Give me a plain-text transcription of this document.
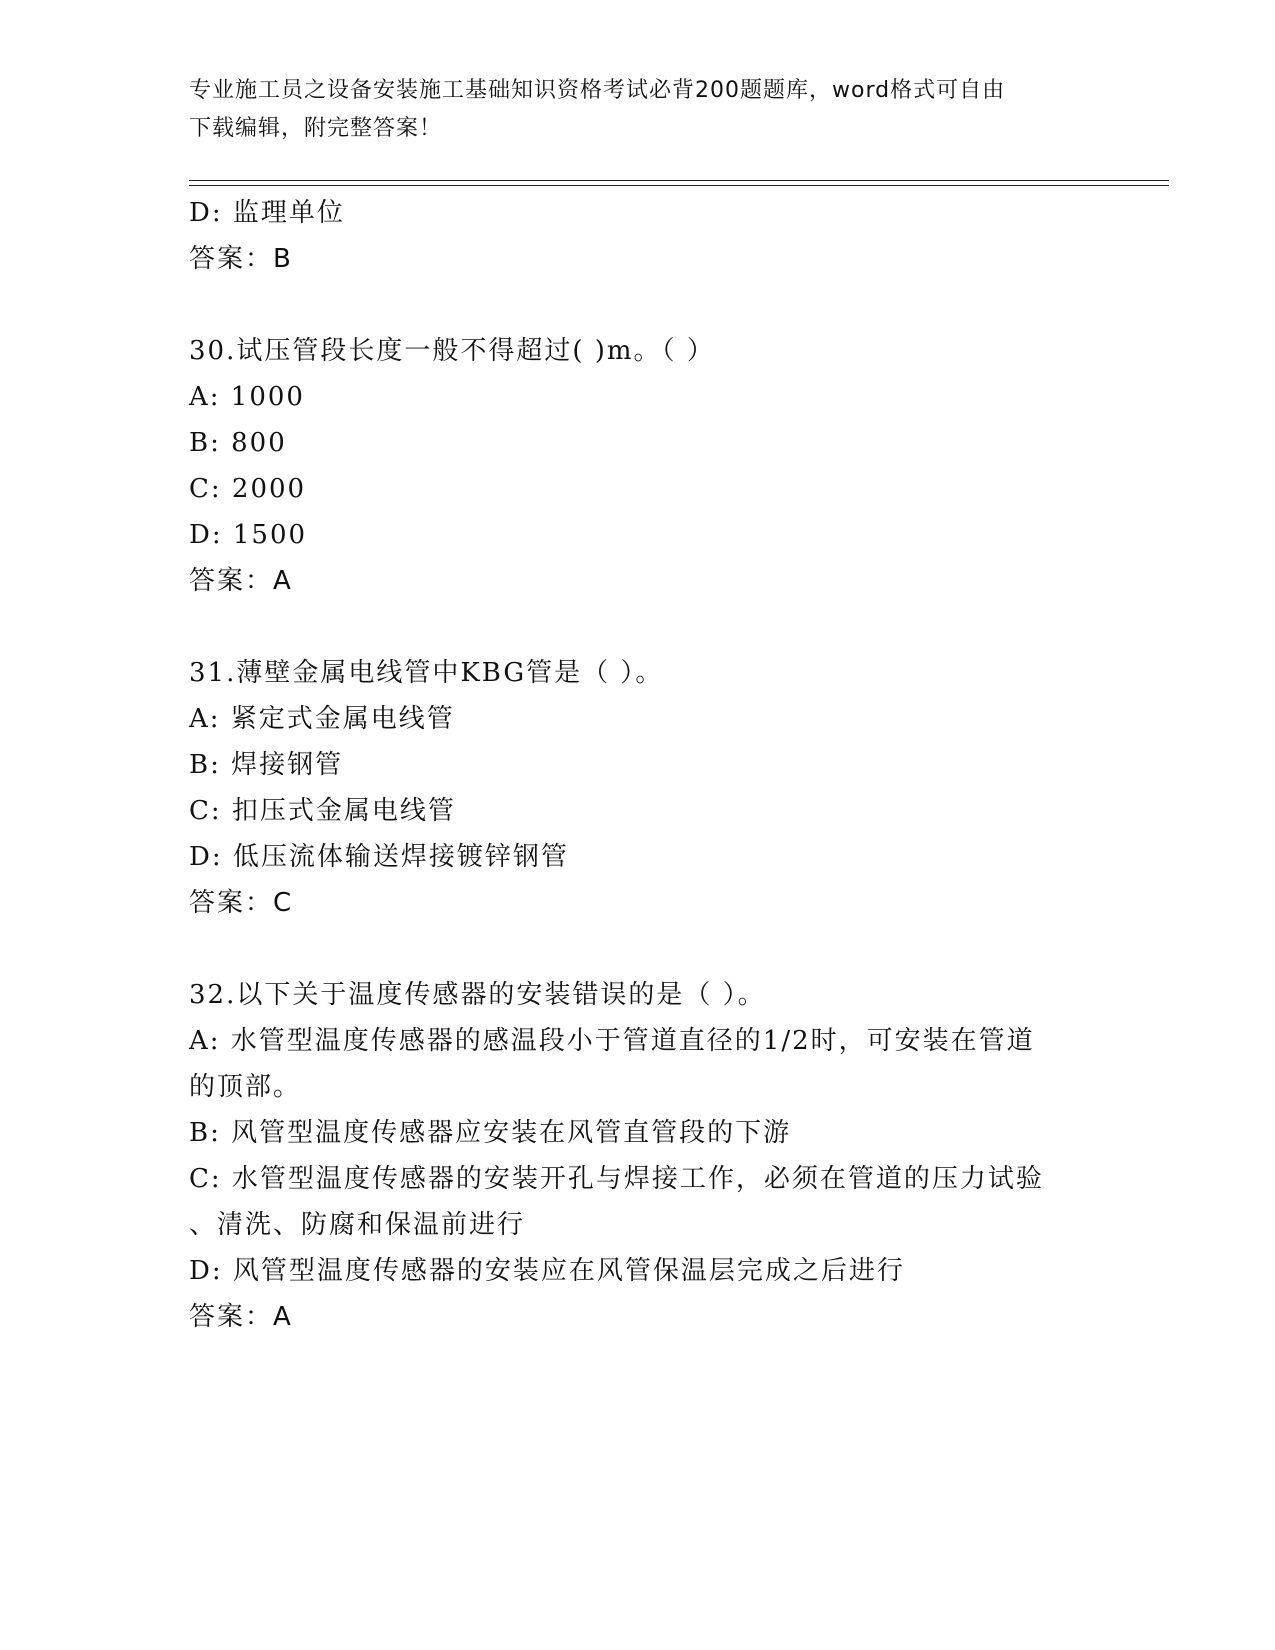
专业施工员之设备安装施工基础知识资格考试必背200题题库，word格式可自由
下载编辑，附完整答案！
D: 监理单位
答案：B
30.试压管段长度一般不得超过( )m。（ ）
A: 1000
B: 800
C: 2000
D: 1500
答案：A
31.薄壁金属电线管中KBG管是（ ）。
A: 紧定式金属电线管
B: 焊接钢管
C: 扣压式金属电线管
D: 低压流体输送焊接镀锌钢管
答案：C
32.以下关于温度传感器的安装错误的是（ ）。
A: 水管型温度传感器的感温段小于管道直径的1/2时，可安装在管道
的顶部。
B: 风管型温度传感器应安装在风管直管段的下游
C: 水管型温度传感器的安装开孔与焊接工作，必须在管道的压力试验
、清洗、防腐和保温前进行
D: 风管型温度传感器的安装应在风管保温层完成之后进行
答案：A
